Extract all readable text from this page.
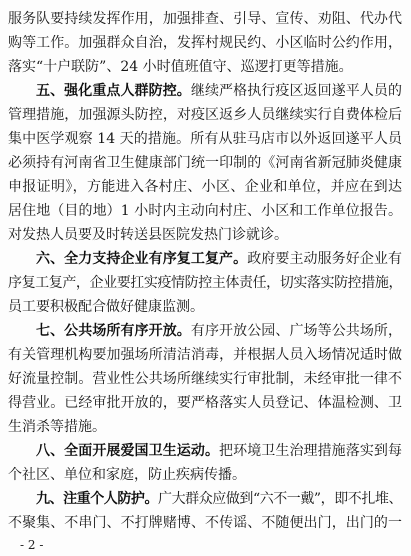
服务队要持续发挥作用，加强排查、引导、宣传、劝阻、代办代
购等工作。加强群众自治，发挥村规民约、小区临时公约作用，
落实“十户联防”、24 小时值班值守、巡逻打更等措施。
五、强化重点人群防控。继续严格执行疫区返回遂平人员的
管理措施，加强源头防控，对疫区返乡人员继续实行自费体检后
集中医学观察 14 天的措施。所有从驻马店市以外返回遂平人员
必须持有河南省卫生健康部门统一印制的《河南省新冠肺炎健康
申报证明》，方能进入各村庄、小区、企业和单位，并应在到达
居住地（目的地）1 小时内主动向村庄、小区和工作单位报告。
对发热人员要及时转送县医院发热门诊就诊。
六、全力支持企业有序复工复产。政府要主动服务好企业有
序复工复产，企业要扛实疫情防控主体责任，切实落实防控措施，
员工要积极配合做好健康监测。
七、公共场所有序开放。有序开放公园、广场等公共场所，
有关管理机构要加强场所清洁消毒，并根据人员入场情况适时做
好流量控制。营业性公共场所继续实行审批制，未经审批一律不
得营业。已经审批开放的，要严格落实人员登记、体温检测、卫
生消杀等措施。
八、全面开展爱国卫生运动。把环境卫生治理措施落实到每
个社区、单位和家庭，防止疾病传播。
九、注重个人防护。广大群众应做到“六不一戴”，即不扎堆、
不聚集、不串门、不打牌赌博、不传谣、不随便出门，出门的一
- 2 -
